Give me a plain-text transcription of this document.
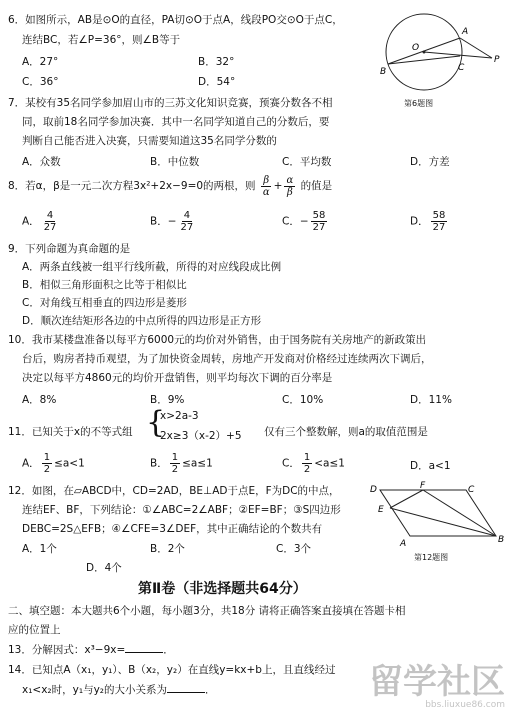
6．如图所示，AB是⊙O的直径，PA切⊙O于点A，线段PO交⊙O于点C，
连结BC，若∠P=36°，则∠B等于
A．27°	B．32°
C．36°	D．54°
A
B	C
O
P
第6题图
7．某校有35名同学参加眉山市的三苏文化知识竞赛，预赛分数各不相
同，取前18名同学参加决赛．其中一名同学知道自己的分数后，要
判断自己能否进入决赛，只需要知道这35名同学分数的
A．众数	B．中位数	C．平均数	D．方差
8．若α，β是一元二次方程3x²+2x−9=0的两根，则 $\frac{\beta}{\alpha} + \frac{\alpha}{\beta}$ 的值是
A． $\frac{4}{27}$	B．− $\frac{4}{27}$	C．− $\frac{58}{27}$	D． $\frac{58}{27}$
9．下列命题为真命题的是
A．两条直线被一组平行线所截，所得的对应线段成比例
B．相似三角形面积之比等于相似比
C．对角线互相垂直的四边形是菱形
D．顺次连结矩形各边的中点所得的四边形是正方形
10．我市某楼盘准备以每平方6000元的均价对外销售，由于国务院有关房地产的新政策出
台后，购房者持币观望，为了加快资金周转，房地产开发商对价格经过连续两次下调后，
决定以每平方4860元的均价开盘销售，则平均每次下调的百分率是
A．8%	B．9%	C．10%	D．11%
11．已知关于x的不等式组 {
x>2a-3
2x≥3（x-2）+5 仅有三个整数解，则a的取值范围是
A． $\frac{1}{2} \le a<1$	B． $\frac{1}{2} \le a\le 1$	C． $\frac{1}{2} <a\le 1$	D．a<1
12．如图，在▱ABCD中，CD=2AD，BE⊥AD于点E，F为DC的中点，
连结EF、BF，下列结论：①∠ABC=2∠ABF；②EF=BF；③S四边形
DEBC=2S△EFB；④∠CFE=3∠DEF，其中正确结论的个数共有
A．1个	B．2个	C．3个
D．4个
D	F	C
E
A	B
第12题图
第Ⅱ卷（非选择题共64分）
二、填空题：本大题共6个小题，每小题3分，共18分 请将正确答案直接填在答题卡相
应的位置上
13．分解因式：x³−9x=	．
14．已知点A（x₁，y₁）、B（x₂，y₂）在直线y=kx+b上，且直线经过
x₁<x₂时，y₁与y₂的大小关系为	．	留学社区
bbs.liuxue86.com
